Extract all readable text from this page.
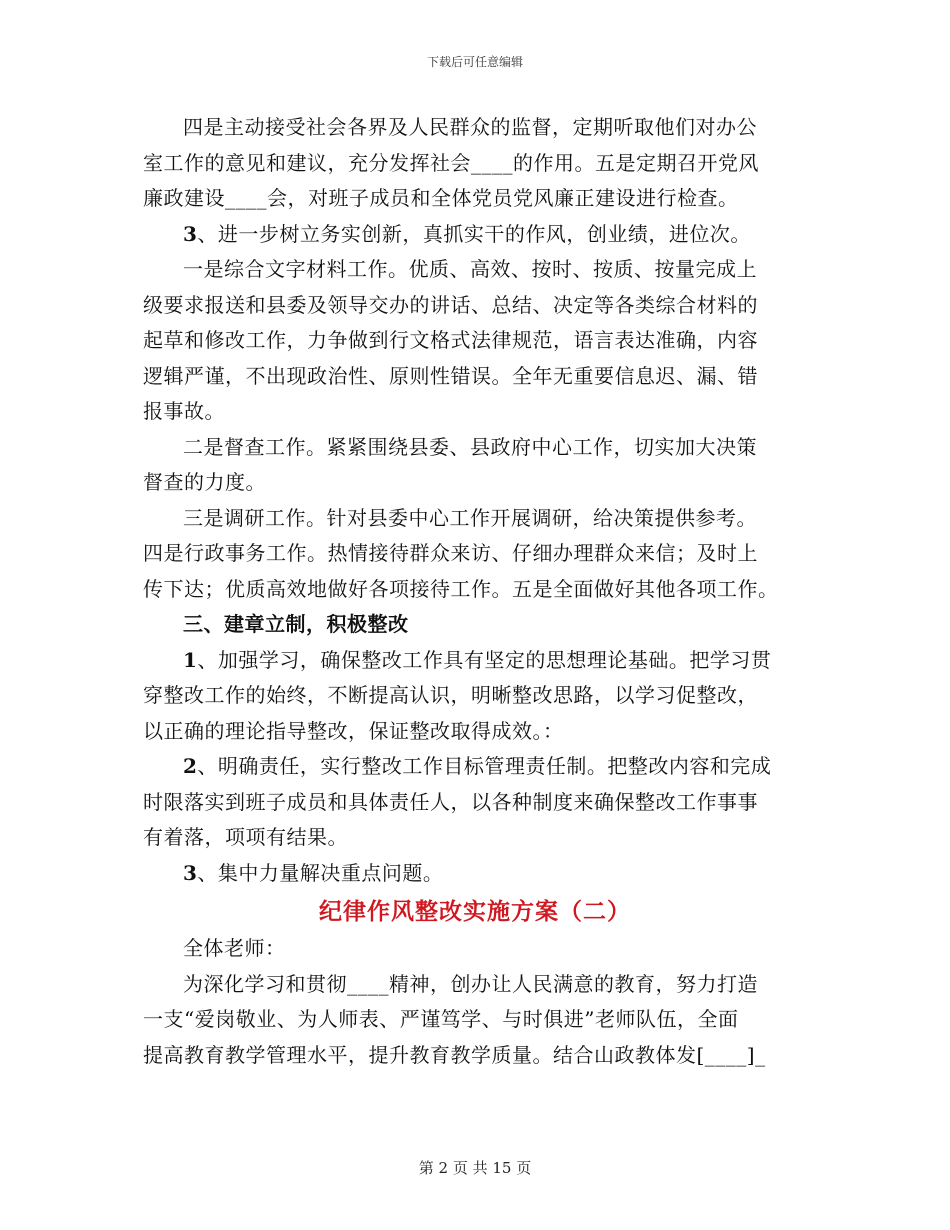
下载后可任意编辑
四是主动接受社会各界及人民群众的监督，定期听取他们对办公
室工作的意见和建议，充分发挥社会____的作用。五是定期召开党风
廉政建设____会，对班子成员和全体党员党风廉正建设进行检查。
3、进一步树立务实创新，真抓实干的作风，创业绩，进位次。
一是综合文字材料工作。优质、高效、按时、按质、按量完成上
级要求报送和县委及领导交办的讲话、总结、决定等各类综合材料的
起草和修改工作，力争做到行文格式法律规范，语言表达准确，内容
逻辑严谨，不出现政治性、原则性错误。全年无重要信息迟、漏、错
报事故。
二是督查工作。紧紧围绕县委、县政府中心工作，切实加大决策
督查的力度。
三是调研工作。针对县委中心工作开展调研，给决策提供参考。
四是行政事务工作。热情接待群众来访、仔细办理群众来信；及时上
传下达；优质高效地做好各项接待工作。五是全面做好其他各项工作。
三、建章立制，积极整改
1、加强学习，确保整改工作具有坚定的思想理论基础。把学习贯
穿整改工作的始终，不断提高认识，明晰整改思路，以学习促整改，
以正确的理论指导整改，保证整改取得成效。：
2、明确责任，实行整改工作目标管理责任制。把整改内容和完成
时限落实到班子成员和具体责任人，以各种制度来确保整改工作事事
有着落，项项有结果。
3、集中力量解决重点问题。
纪律作风整改实施方案（二）
全体老师：
为深化学习和贯彻____精神，创办让人民满意的教育，努力打造
一支“爱岗敬业、为人师表、严谨笃学、与时俱进”老师队伍，全面
提高教育教学管理水平，提升教育教学质量。结合山政教体发[____]_
第 2 页 共 15 页
